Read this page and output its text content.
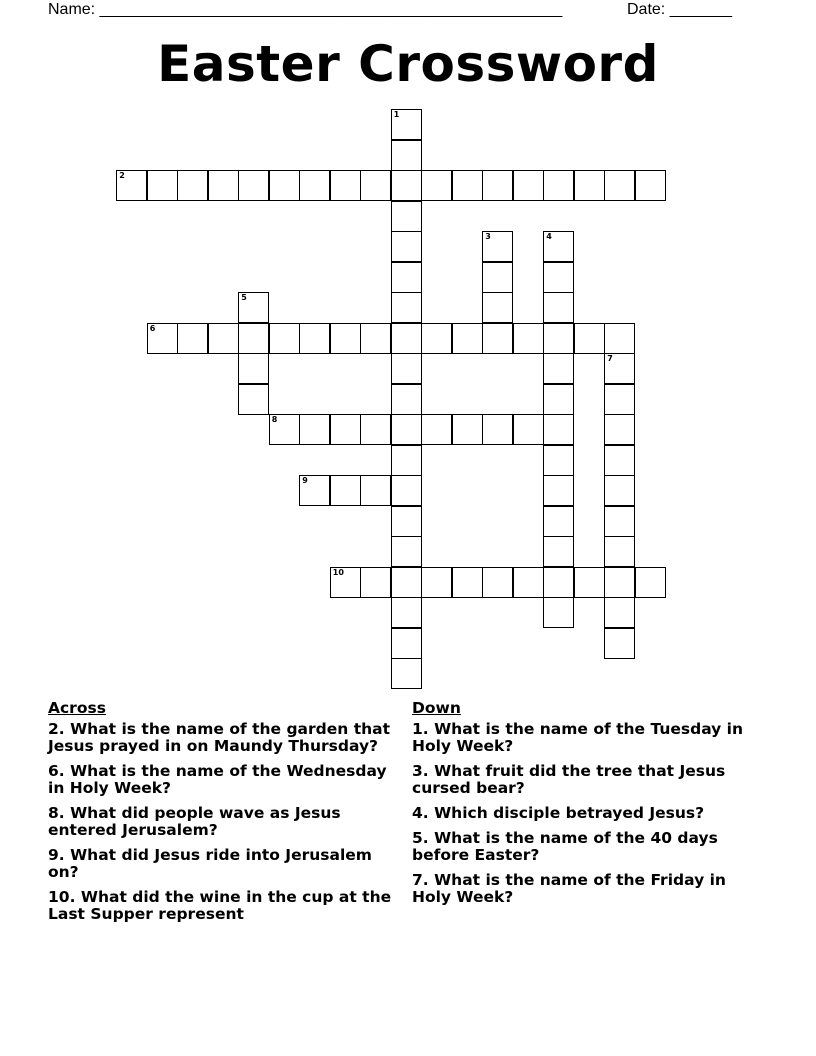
Name: ____________________________________________________	Date: _______
Easter Crossword
1
2
3	4
5
6
7
8
9
10
Across
2. What is the name of the garden that Jesus prayed in on Maundy Thursday?
6. What is the name of the Wednesday in Holy Week?
8. What did people wave as Jesus entered Jerusalem?
9. What did Jesus ride into Jerusalem on?
10. What did the wine in the cup at the Last Supper represent
Down
1. What is the name of the Tuesday in Holy Week?
3. What fruit did the tree that Jesus cursed bear?
4. Which disciple betrayed Jesus?
5. What is the name of the 40 days before Easter?
7. What is the name of the Friday in Holy Week?
